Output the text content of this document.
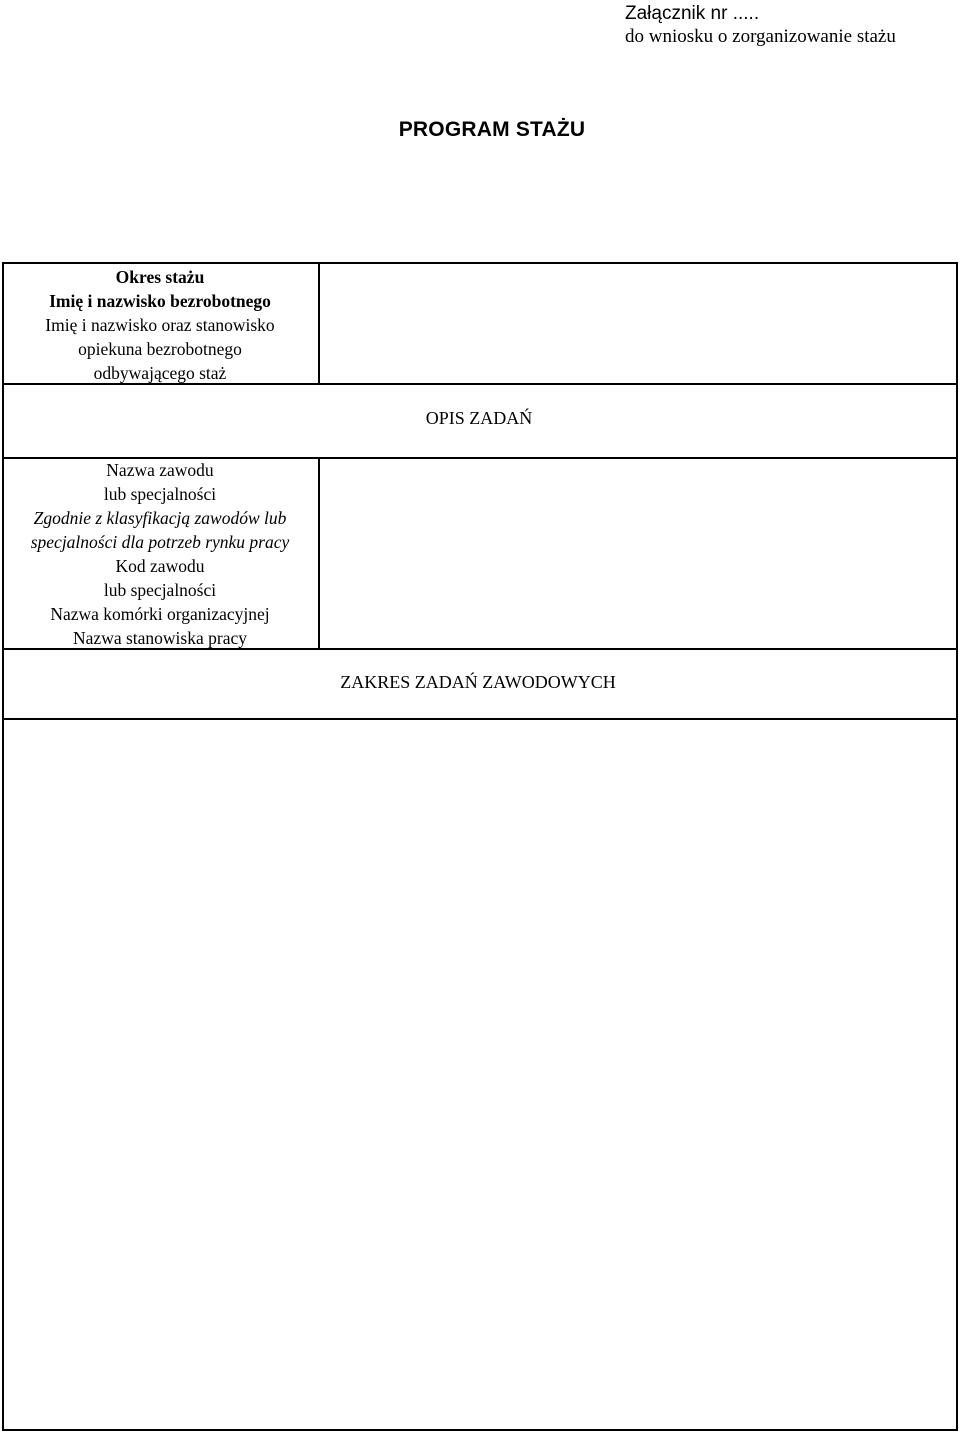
Załącznik nr .....
do wniosku o zorganizowanie stażu
PROGRAM STAŻU
Okres stażu
Imię i nazwisko bezrobotnego
Imię i nazwisko oraz stanowisko
opiekuna bezrobotnego
odbywającego staż
OPIS ZADAŃ
Nazwa zawodu
lub specjalności
Zgodnie z klasyfikacją zawodów lub
specjalności dla potrzeb rynku pracy
Kod zawodu
lub specjalności
Nazwa komórki organizacyjnej
Nazwa stanowiska pracy
ZAKRES ZADAŃ ZAWODOWYCH
